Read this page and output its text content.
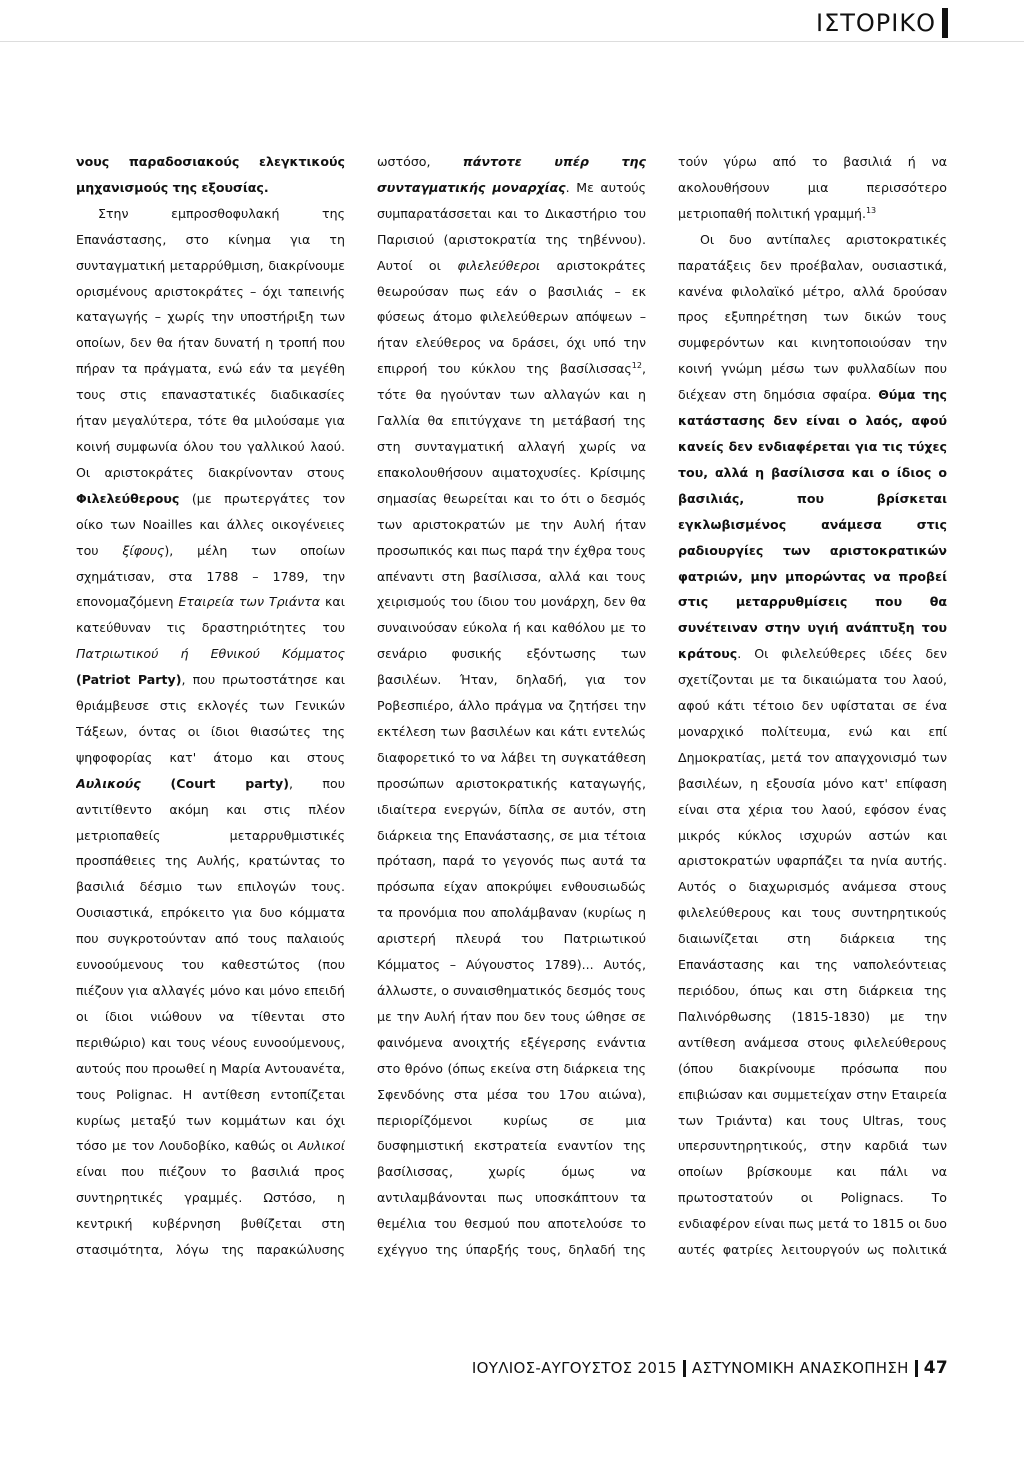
ΙΣΤΟΡΙΚΟ

νους παραδοσιακούς ελεγκτικούς μηχανισμούς της εξουσίας.

Στην εμπροσθοφυλακή της Επανάστασης, στο κίνημα για τη συνταγματική μεταρρύθμιση, διακρίνουμε ορισμένους αριστοκράτες – όχι ταπεινής καταγωγής – χωρίς την υποστήριξη των οποίων, δεν θα ήταν δυνατή η τροπή που πήραν τα πράγματα, ενώ εάν τα μεγέθη τους στις επαναστατικές διαδικασίες ήταν μεγαλύτερα, τότε θα μιλούσαμε για κοινή συμφωνία όλου του γαλλικού λαού. Οι αριστοκράτες διακρίνονταν στους Φιλελεύθερους (με πρωτεργάτες τον οίκο των Noailles και άλλες οικογένειες του ξίφους), μέλη των οποίων σχημάτισαν, στα 1788 – 1789, την επονομαζόμενη Εταιρεία των Τριάντα και κατεύθυναν τις δραστηριότητες του Πατριωτικού ή Εθνικού Κόμματος (Patriot Party), που πρωτοστάτησε και θριάμβευσε στις εκλογές των Γενικών Τάξεων, όντας οι ίδιοι θιασώτες της ψηφοφορίας κατ' άτομο και στους Αυλικούς (Court party), που αντιτίθεντο ακόμη και στις πλέον μετριοπαθείς μεταρρυθμιστικές προσπάθειες της Αυλής, κρατώντας το βασιλιά δέσμιο των επιλογών τους. Ουσιαστικά, επρόκειτο για δυο κόμματα που συγκροτούνταν από τους παλαιούς ευνοούμενους του καθεστώτος (που πιέζουν για αλλαγές μόνο και μόνο επειδή οι ίδιοι νιώθουν να τίθενται στο περιθώριο) και τους νέους ευνοούμενους, αυτούς που προωθεί η Μαρία Αντουανέτα, τους Polignac. Η αντίθεση εντοπίζεται κυρίως μεταξύ των κομμάτων και όχι τόσο με τον Λουδοβίκο, καθώς οι Αυλικοί είναι που πιέζουν το βασιλιά προς συντηρητικές γραμμές. Ωστόσο, η κεντρική κυβέρνηση βυθίζεται στη στασιμότητα, λόγω της παρακώλυσης

ωστόσο, πάντοτε υπέρ της συνταγματικής μοναρχίας. Με αυτούς συμπαρατάσσεται και το Δικαστήριο του Παρισιού (αριστοκρατία της τηβέννου). Αυτοί οι φιλελεύθεροι αριστοκράτες θεωρούσαν πως εάν ο βασιλιάς – εκ φύσεως άτομο φιλελεύθερων απόψεων – ήταν ελεύθερος να δράσει, όχι υπό την επιρροή του κύκλου της βασίλισσας$^{12}$, τότε θα ηγούνταν των αλλαγών και η Γαλλία θα επιτύγχανε τη μετάβασή της στη συνταγματική αλλαγή χωρίς να επακολουθήσουν αιματοχυσίες. Κρίσιμης σημασίας θεωρείται και το ότι ο δεσμός των αριστοκρατών με την Αυλή ήταν προσωπικός και πως παρά την έχθρα τους απέναντι στη βασίλισσα, αλλά και τους χειρισμούς του ίδιου του μονάρχη, δεν θα συναινούσαν εύκολα ή και καθόλου με το σενάριο φυσικής εξόντωσης των βασιλέων. Ήταν, δηλαδή, για τον Ροβεσπιέρο, άλλο πράγμα να ζητήσει την εκτέλεση των βασιλέων και κάτι εντελώς διαφορετικό το να λάβει τη συγκατάθεση προσώπων αριστοκρατικής καταγωγής, ιδιαίτερα ενεργών, δίπλα σε αυτόν, στη διάρκεια της Επανάστασης, σε μια τέτοια πρόταση, παρά το γεγονός πως αυτά τα πρόσωπα είχαν αποκρύψει ενθουσιωδώς τα προνόμια που απολάμβαναν (κυρίως η αριστερή πλευρά του Πατριωτικού Κόμματος – Αύγουστος 1789)... Αυτός, άλλωστε, ο συναισθηματικός δεσμός τους με την Αυλή ήταν που δεν τους ώθησε σε φαινόμενα ανοιχτής εξέγερσης ενάντια στο θρόνο (όπως εκείνα στη διάρκεια της Σφενδόνης στα μέσα του 17ου αιώνα), περιορίζόμενοι κυρίως σε μια δυσφημιστική εκστρατεία εναντίον της βασίλισσας, χωρίς όμως να αντιλαμβάνονται πως υποσκάπτουν τα θεμέλια του θεσμού που αποτελούσε το εχέγγυο της ύπαρξής τους, δηλαδή της

τούν γύρω από το βασιλιά ή να ακολουθήσουν μια περισσότερο μετριοπαθή πολιτική γραμμή.$^{13}$

Οι δυο αντίπαλες αριστοκρατικές παρατάξεις δεν προέβαλαν, ουσιαστικά, κανένα φιλολαϊκό μέτρο, αλλά δρούσαν προς εξυπηρέτηση των δικών τους συμφερόντων και κινητοποιούσαν την κοινή γνώμη μέσω των φυλλαδίων που διέχεαν στη δημόσια σφαίρα. Θύμα της κατάστασης δεν είναι ο λαός, αφού κανείς δεν ενδιαφέρεται για τις τύχες του, αλλά η βασίλισσα και ο ίδιος ο βασιλιάς, που βρίσκεται εγκλωβισμένος ανάμεσα στις ραδιουργίες των αριστοκρατικών φατριών, μην μπορώντας να προβεί στις μεταρρυθμίσεις που θα συνέτειναν στην υγιή ανάπτυξη του κράτους. Οι φιλελεύθερες ιδέες δεν σχετίζονται με τα δικαιώματα του λαού, αφού κάτι τέτοιο δεν υφίσταται σε ένα μοναρχικό πολίτευμα, ενώ και επί Δημοκρατίας, μετά τον απαγχονισμό των βασιλέων, η εξουσία μόνο κατ' επίφαση είναι στα χέρια του λαού, εφόσον ένας μικρός κύκλος ισχυρών αστών και αριστοκρατών υφαρπάζει τα ηνία αυτής. Αυτός ο διαχωρισμός ανάμεσα στους φιλελεύθερους και τους συντηρητικούς διαιωνίζεται στη διάρκεια της Επανάστασης και της ναπολεόντειας περιόδου, όπως και στη διάρκεια της Παλινόρθωσης (1815-1830) με την αντίθεση ανάμεσα στους φιλελεύθερους (όπου διακρίνουμε πρόσωπα που επιβιώσαν και συμμετείχαν στην Εταιρεία των Τριάντα) και τους Ultras, τους υπερσυντηρητικούς, στην καρδιά των οποίων βρίσκουμε και πάλι να πρωτοστατούν οι Polignacs. Το ενδιαφέρον είναι πως μετά το 1815 οι δυο αυτές φατρίες λειτουργούν ως πολιτικά

ΙΟΥΛΙΟΣ-ΑΥΓΟΥΣΤΟΣ 2015 ΑΣΤΥΝΟΜΙΚΗ ΑΝΑΣΚΟΠΗΣΗ 47
